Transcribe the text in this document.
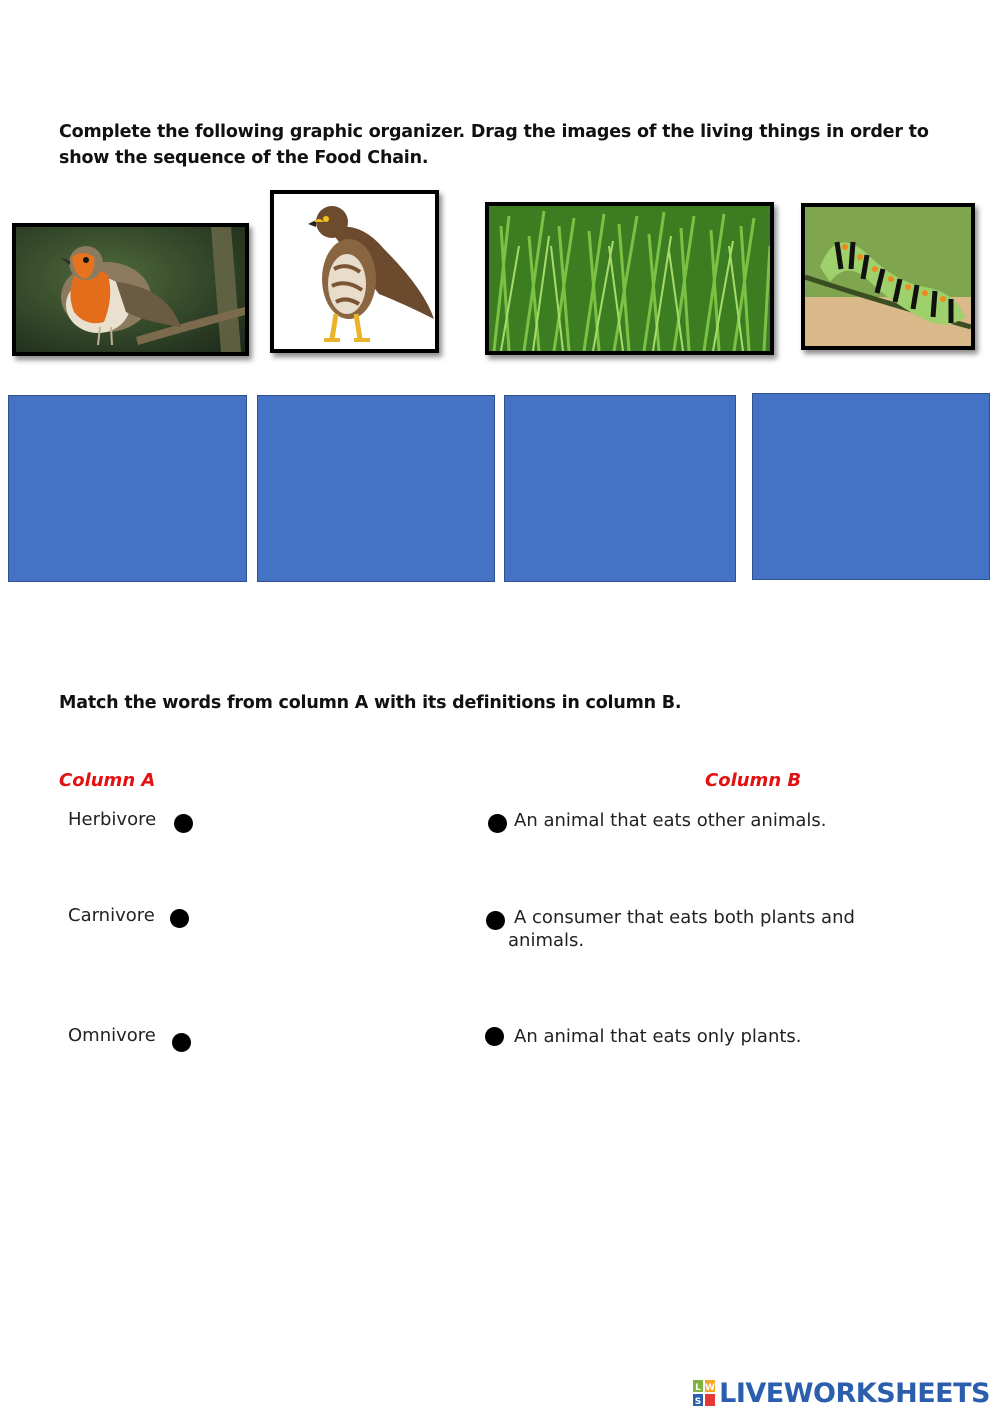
Complete the following graphic organizer. Drag the images of the living things in order to show the sequence of the Food Chain.
Match the words from column A with its definitions in column B.
Column A	Column B
Herbivore
Carnivore
Omnivore
An animal that eats other animals.
A consumer that eats both plants and animals.
An animal that eats only plants.
L W
S LIVEWORKSHEETS
